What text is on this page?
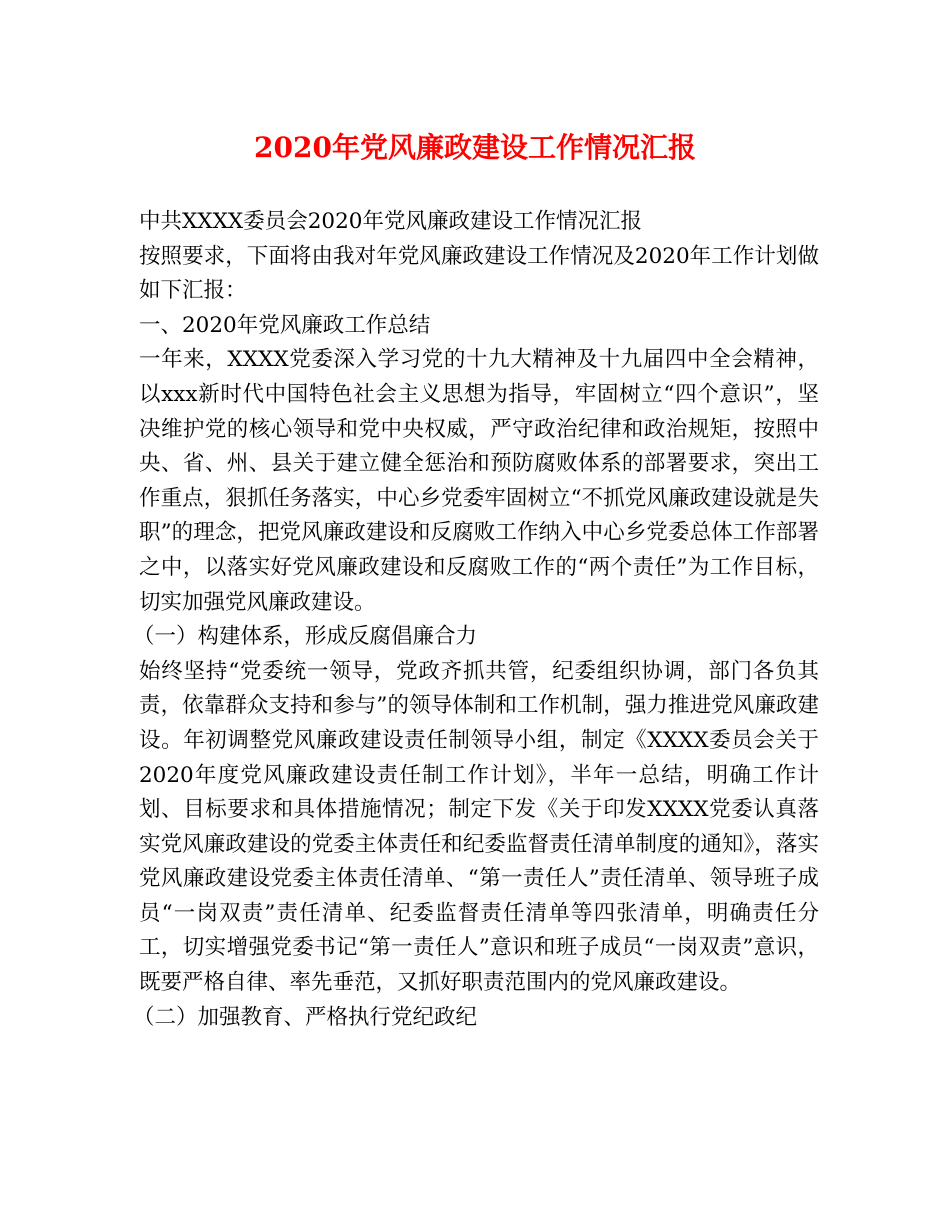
2020年党风廉政建设工作情况汇报

中共XXXX委员会2020年党风廉政建设工作情况汇报

按照要求，下面将由我对年党风廉政建设工作情况及2020年工作计划做如下汇报：

一、2020年党风廉政工作总结

一年来，XXXX党委深入学习党的十九大精神及十九届四中全会精神，以xxx新时代中国特色社会主义思想为指导，牢固树立“四个意识”，坚决维护党的核心领导和党中央权威，严守政治纪律和政治规矩，按照中央、省、州、县关于建立健全惩治和预防腐败体系的部署要求，突出工作重点，狠抓任务落实，中心乡党委牢固树立“不抓党风廉政建设就是失职”的理念，把党风廉政建设和反腐败工作纳入中心乡党委总体工作部署之中，以落实好党风廉政建设和反腐败工作的“两个责任”为工作目标，切实加强党风廉政建设。

（一）构建体系，形成反腐倡廉合力

始终坚持“党委统一领导，党政齐抓共管，纪委组织协调，部门各负其责，依靠群众支持和参与”的领导体制和工作机制，强力推进党风廉政建设。年初调整党风廉政建设责任制领导小组，制定《XXXX委员会关于2020年度党风廉政建设责任制工作计划》，半年一总结，明确工作计划、目标要求和具体措施情况；制定下发《关于印发XXXX党委认真落实党风廉政建设的党委主体责任和纪委监督责任清单制度的通知》，落实党风廉政建设党委主体责任清单、“第一责任人”责任清单、领导班子成员“一岗双责”责任清单、纪委监督责任清单等四张清单，明确责任分工，切实增强党委书记“第一责任人”意识和班子成员“一岗双责”意识，既要严格自律、率先垂范，又抓好职责范围内的党风廉政建设。

（二）加强教育、严格执行党纪政纪
